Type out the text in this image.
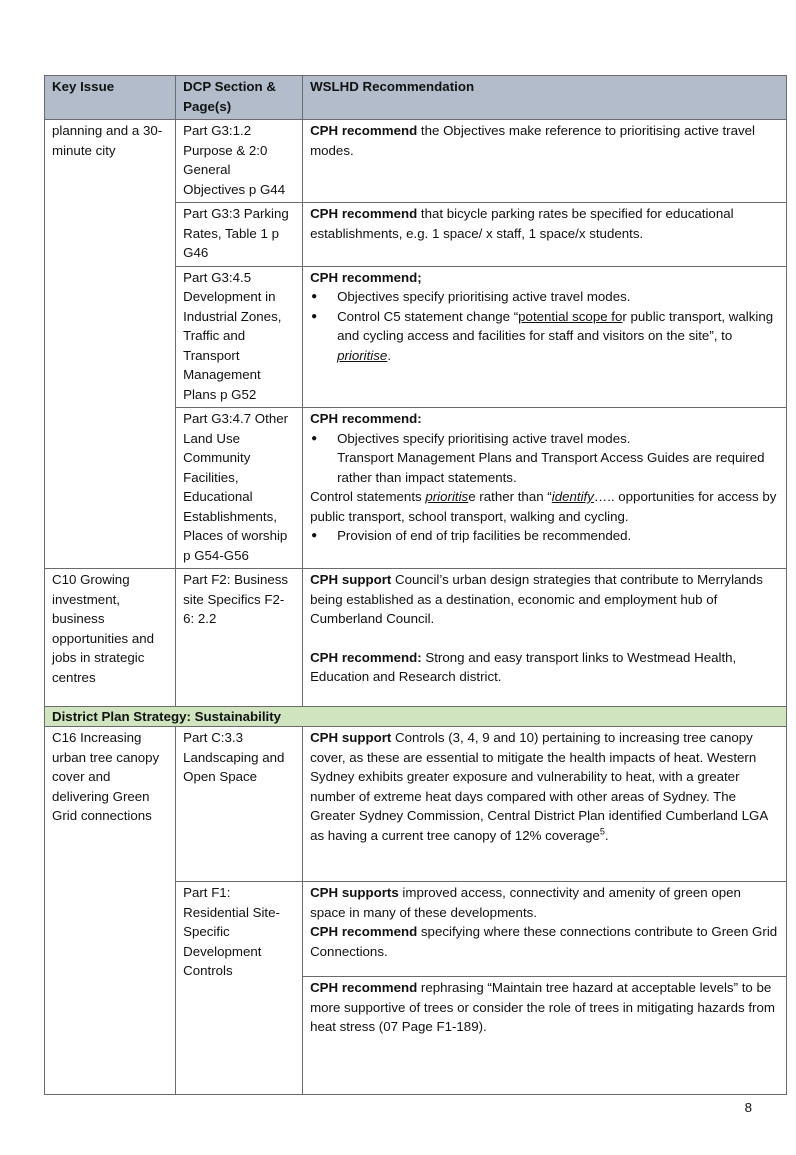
Key Issue	DCP Section & Page(s)	WSLHD Recommendation
planning and a 30-minute city	Part G3:1.2 Purpose & 2:0 General Objectives p G44	CPH recommend the Objectives make reference to prioritising active travel modes.
	Part G3:3 Parking Rates, Table 1 p G46	CPH recommend that bicycle parking rates be specified for educational establishments, e.g. 1 space/ x staff, 1 space/x students.
	Part G3:4.5 Development in Industrial Zones, Traffic and Transport Management Plans p G52	CPH recommend;
● Objectives specify prioritising active travel modes.
● Control C5 statement change “potential scope for public transport, walking and cycling access and facilities for staff and visitors on the site”, to prioritise.

	Part G3:4.7 Other Land Use Community Facilities, Educational Establishments, Places of worship p G54-G56	CPH recommend:
● Objectives specify prioritising active travel modes.
Transport Management Plans and Transport Access Guides are required rather than impact statements.
Control statements prioritise rather than “identify….. opportunities for access by public transport, school transport, walking and cycling.
● Provision of end of trip facilities be recommended.

C10 Growing investment, business opportunities and jobs in strategic centres	Part F2: Business site Specifics F2-6: 2.2	CPH support Council’s urban design strategies that contribute to Merrylands being established as a destination, economic and employment hub of Cumberland Council.
CPH recommend: Strong and easy transport links to Westmead Health, Education and Research district.

District Plan Strategy: Sustainability		
C16 Increasing urban tree canopy cover and delivering Green Grid connections	Part C:3.3 Landscaping and Open Space	CPH support Controls (3, 4, 9 and 10) pertaining to increasing tree canopy cover, as these are essential to mitigate the health impacts of heat. Western Sydney exhibits greater exposure and vulnerability to heat, with a greater number of extreme heat days compared with other areas of Sydney. The Greater Sydney Commission, Central District Plan identified Cumberland LGA as having a current tree canopy of 12% coverage$^5$.
	Part F1: Residential Site-Specific Development Controls	CPH supports improved access, connectivity and amenity of green open space in many of these developments.
CPH recommend specifying where these connections contribute to Green Grid Connections.

		CPH recommend rephrasing “Maintain tree hazard at acceptable levels” to be more supportive of trees or consider the role of trees in mitigating hazards from heat stress (07 Page F1-189).
8
